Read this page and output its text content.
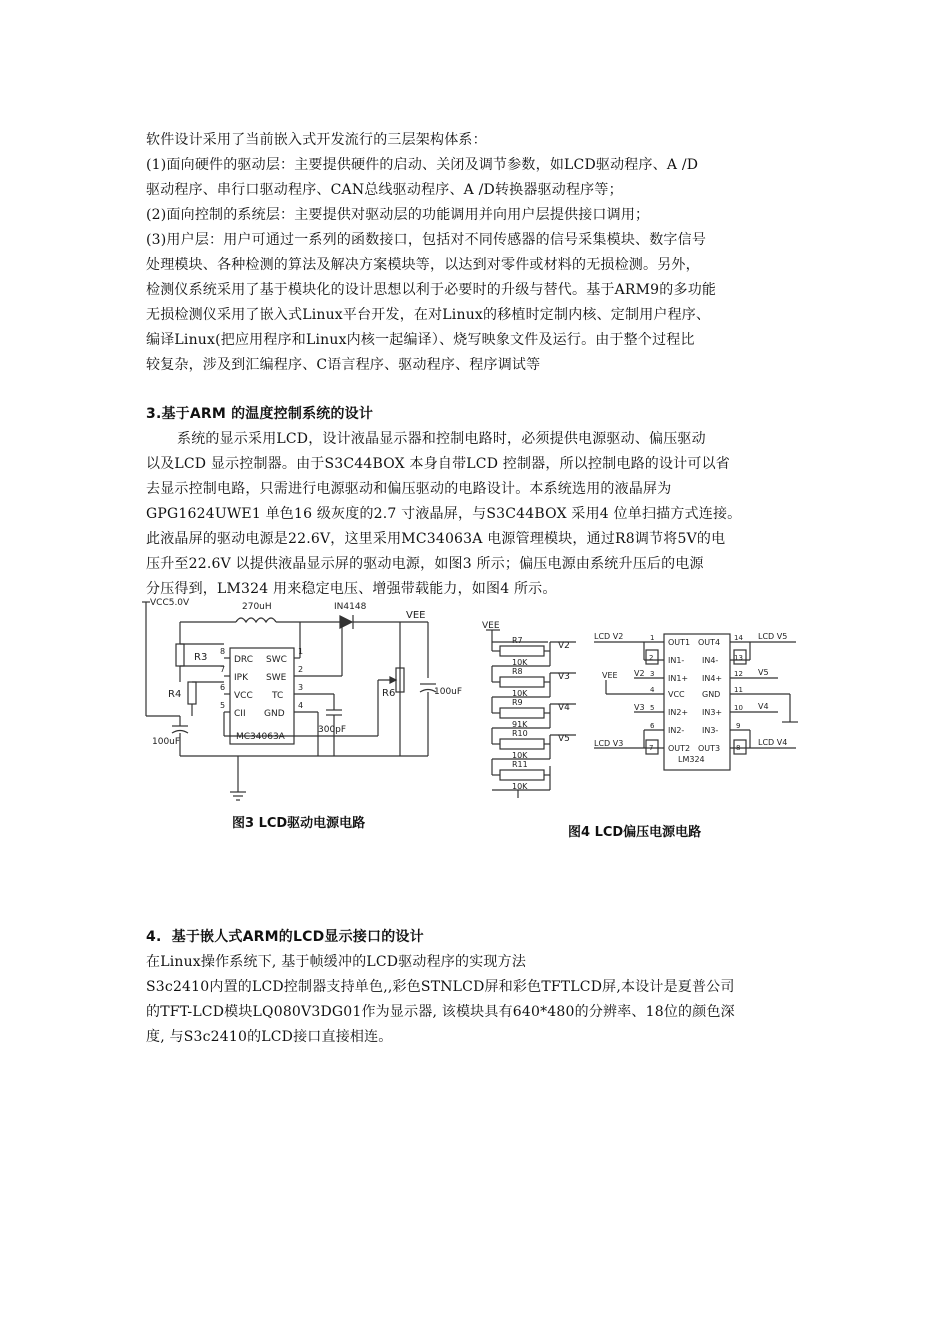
软件设计采用了当前嵌入式开发流行的三层架构体系：
(1)面向硬件的驱动层：主要提供硬件的启动、关闭及调节参数，如LCD驱动程序、A /D
驱动程序、串行口驱动程序、CAN总线驱动程序、A /D转换器驱动程序等；
(2)面向控制的系统层：主要提供对驱动层的功能调用并向用户层提供接口调用；
(3)用户层：用户可通过一系列的函数接口，包括对不同传感器的信号采集模块、数字信号
处理模块、各种检测的算法及解决方案模块等，以达到对零件或材料的无损检测。另外，
检测仪系统采用了基于模块化的设计思想以利于必要时的升级与替代。基于ARM9的多功能
无损检测仪采用了嵌入式Linux平台开发，在对Linux的移植时定制内核、定制用户程序、
编译Linux(把应用程序和Linux内核一起编译）、烧写映象文件及运行。由于整个过程比
较复杂，涉及到汇编程序、C语言程序、驱动程序、程序调试等
3.基于ARM 的温度控制系统的设计
系统的显示采用LCD，设计液晶显示器和控制电路时，必须提供电源驱动、偏压驱动
以及LCD 显示控制器。由于S3C44BOX 本身自带LCD 控制器，所以控制电路的设计可以省
去显示控制电路，只需进行电源驱动和偏压驱动的电路设计。本系统选用的液晶屏为
GPG1624UWE1 单色16 级灰度的2.7 寸液晶屏，与S3C44BOX 采用4 位单扫描方式连接。
此液晶屏的驱动电源是22.6V，这里采用MC34063A 电源管理模块，通过R8调节将5V的电
压升至22.6V 以提供液晶显示屏的驱动电源，如图3 所示；偏压电源由系统升压后的电源
分压得到，LM324 用来稳定电压、增强带载能力，如图4 所示。
VCC5.0V	270uH	IN4148
VEE
R3
R4	R6	100uF
100uF
300pF
MC34063A
DRC
IPK
VCC
CII
SWC
SWE
TC
GND
8
7
6
5
1
2
3
4
图3 LCD驱动电源电路
VEE
R7
10K
V2
R8
10K
V3
R9
91K
V4
R10
10K
V5
R11
10K
LM324
OUT1
IN1-
IN1+
VCC
IN2+
IN2-
OUT2
OUT4
IN4-
IN4+
GND
IN3+
IN3-
OUT3
1
2
3
4
5
6
7
14
13
12
11
10
9
8
LCD V2
V2
VEE
V3
LCD V3
LCD V5
V5
V4
LCD V4
图4 LCD偏压电源电路
4. 基于嵌人式ARM的LCD显示接口的设计
在Linux操作系统下, 基于帧缓冲的LCD驱动程序的实现方法
S3c2410内置的LCD控制器支持单色,,彩色STNLCD屏和彩色TFTLCD屏,本设计是夏普公司
的TFT-LCD模块LQ080V3DG01作为显示器, 该模块具有640*480的分辨率、18位的颜色深
度, 与S3c2410的LCD接口直接相连。
